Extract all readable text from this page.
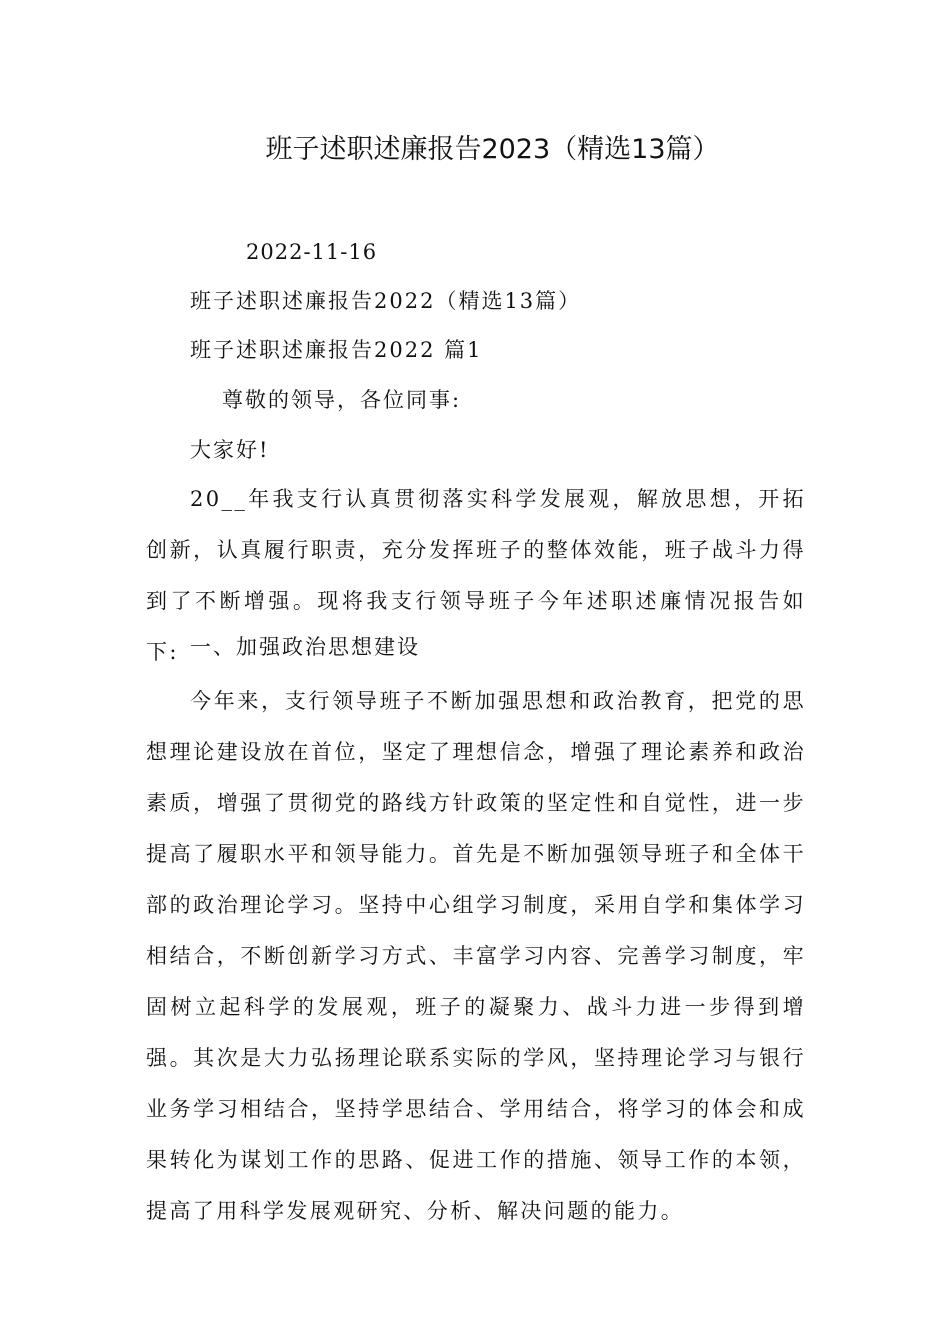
班子述职述廉报告2023（精选13篇）
2022-11-16
班子述职述廉报告2022（精选13篇）
班子述职述廉报告2022 篇1
尊敬的领导，各位同事:
大家好!
20__年我支行认真贯彻落实科学发展观，解放思想，开拓创新，认真履行职责，充分发挥班子的整体效能，班子战斗力得到了不断增强。现将我支行领导班子今年述职述廉情况报告如下: 一、加强政治思想建设
今年来，支行领导班子不断加强思想和政治教育，把党的思想理论建设放在首位，坚定了理想信念，增强了理论素养和政治素质，增强了贯彻党的路线方针政策的坚定性和自觉性，进一步提高了履职水平和领导能力。首先是不断加强领导班子和全体干部的政治理论学习。坚持中心组学习制度，采用自学和集体学习相结合，不断创新学习方式、丰富学习内容、完善学习制度，牢固树立起科学的发展观，班子的凝聚力、战斗力进一步得到增强。其次是大力弘扬理论联系实际的学风，坚持理论学习与银行业务学习相结合，坚持学思结合、学用结合，将学习的体会和成果转化为谋划工作的思路、促进工作的措施、领导工作的本领，提高了用科学发展观研究、分析、解决问题的能力。
